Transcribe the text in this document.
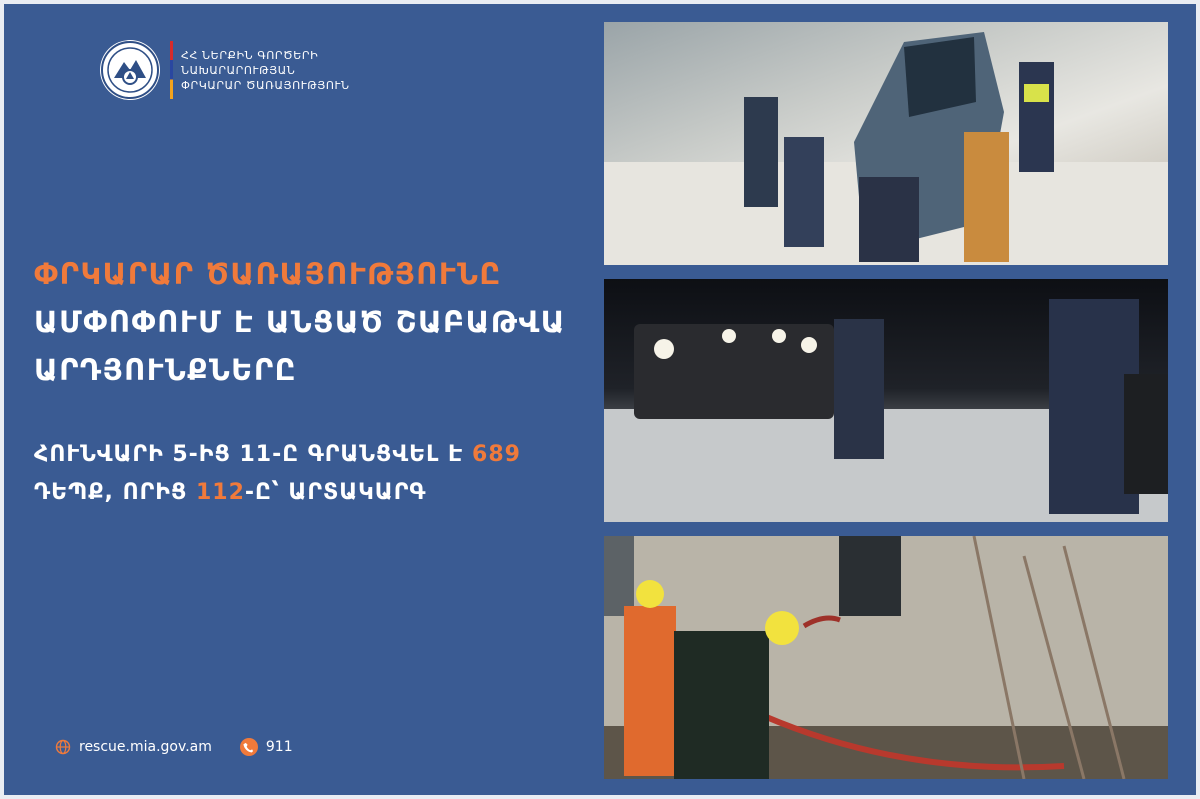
ՀՀ ՆԵՐՔԻՆ ԳՈՐԾԵՐԻ
ՆԱԽԱՐԱՐՈՒԹՅԱՆ
ՓՐԿԱՐԱՐ ԾԱՌԱՅՈՒԹՅՈՒՆ
ՓՐԿԱՐԱՐ ԾԱՌԱՅՈՒԹՅՈՒՆԸ
ԱՄՓՈՓՈՒՄ Է ԱՆՑԱԾ ՇԱԲԱԹՎԱ
ԱՐԴՅՈՒՆՔՆԵՐԸ
ՀՈՒՆՎԱՐԻ 5-ԻՑ 11-Ը ԳՐԱՆՑՎԵԼ Է 689
ԴԵՊՔ, ՈՐԻՑ 112-Ը՝ ԱՐՏԱԿԱՐԳ
rescue.mia.gov.am	911
